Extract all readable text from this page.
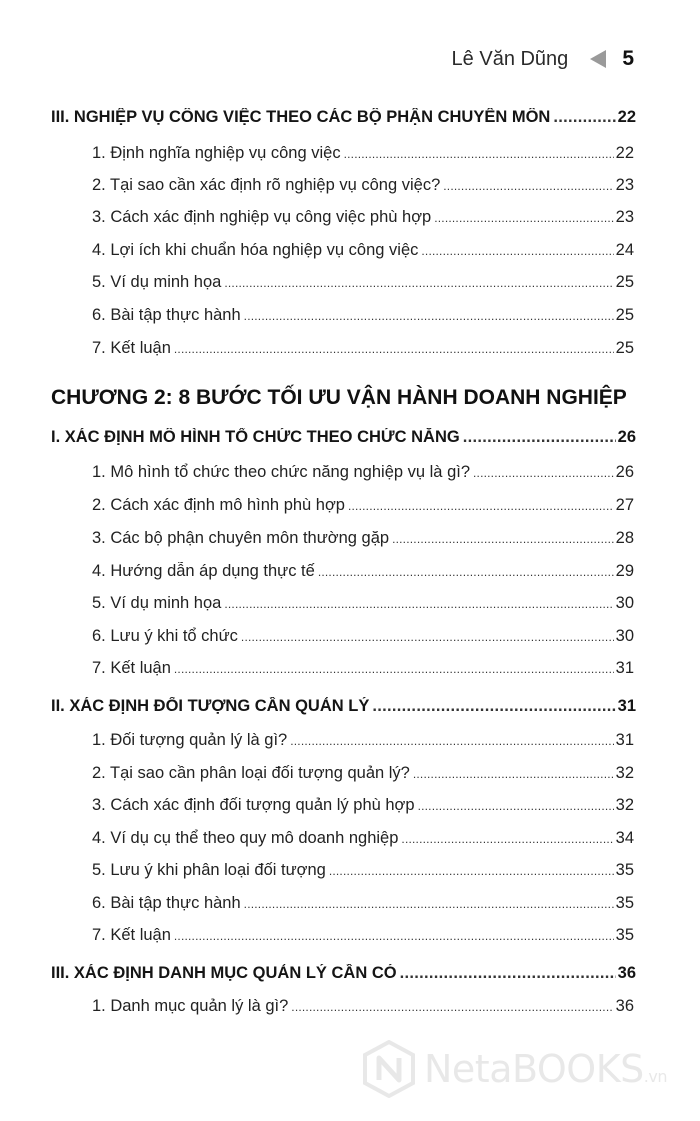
Lê Văn Dũng	5
III. NGHIỆP VỤ CÔNG VIỆC THEO CÁC BỘ PHẬN CHUYÊN MÔN .....	22
1. Định nghĩa nghiệp vụ công việc .....	22
2. Tại sao cần xác định rõ nghiệp vụ công việc? .....	23
3. Cách xác định nghiệp vụ công việc phù hợp .....	23
4. Lợi ích khi chuẩn hóa nghiệp vụ công việc .....	24
5. Ví dụ minh họa .....	25
6. Bài tập thực hành .....	25
7. Kết luận .....	25
CHƯƠNG 2: 8 BƯỚC TỐI ƯU VẬN HÀNH DOANH NGHIỆP
I. XÁC ĐỊNH MÔ HÌNH TỔ CHỨC THEO CHỨC NĂNG .....	26
1. Mô hình tổ chức theo chức năng nghiệp vụ là gì? .....	26
2. Cách xác định mô hình phù hợp .....	27
3. Các bộ phận chuyên môn thường gặp .....	28
4. Hướng dẫn áp dụng thực tế .....	29
5. Ví dụ minh họa .....	30
6. Lưu ý khi tổ chức .....	30
7. Kết luận .....	31
II. XÁC ĐỊNH ĐỐI TƯỢNG CẦN QUẢN LÝ .....	31
1. Đối tượng quản lý là gì? .....	31
2. Tại sao cần phân loại đối tượng quản lý? .....	32
3. Cách xác định đối tượng quản lý phù hợp .....	32
4. Ví dụ cụ thể theo quy mô doanh nghiệp .....	34
5. Lưu ý khi phân loại đối tượng .....	35
6. Bài tập thực hành .....	35
7. Kết luận .....	35
III. XÁC ĐỊNH DANH MỤC QUẢN LÝ CẦN CÓ .....	36
1. Danh mục quản lý là gì? .....	36
NetaBOOKS.vn
